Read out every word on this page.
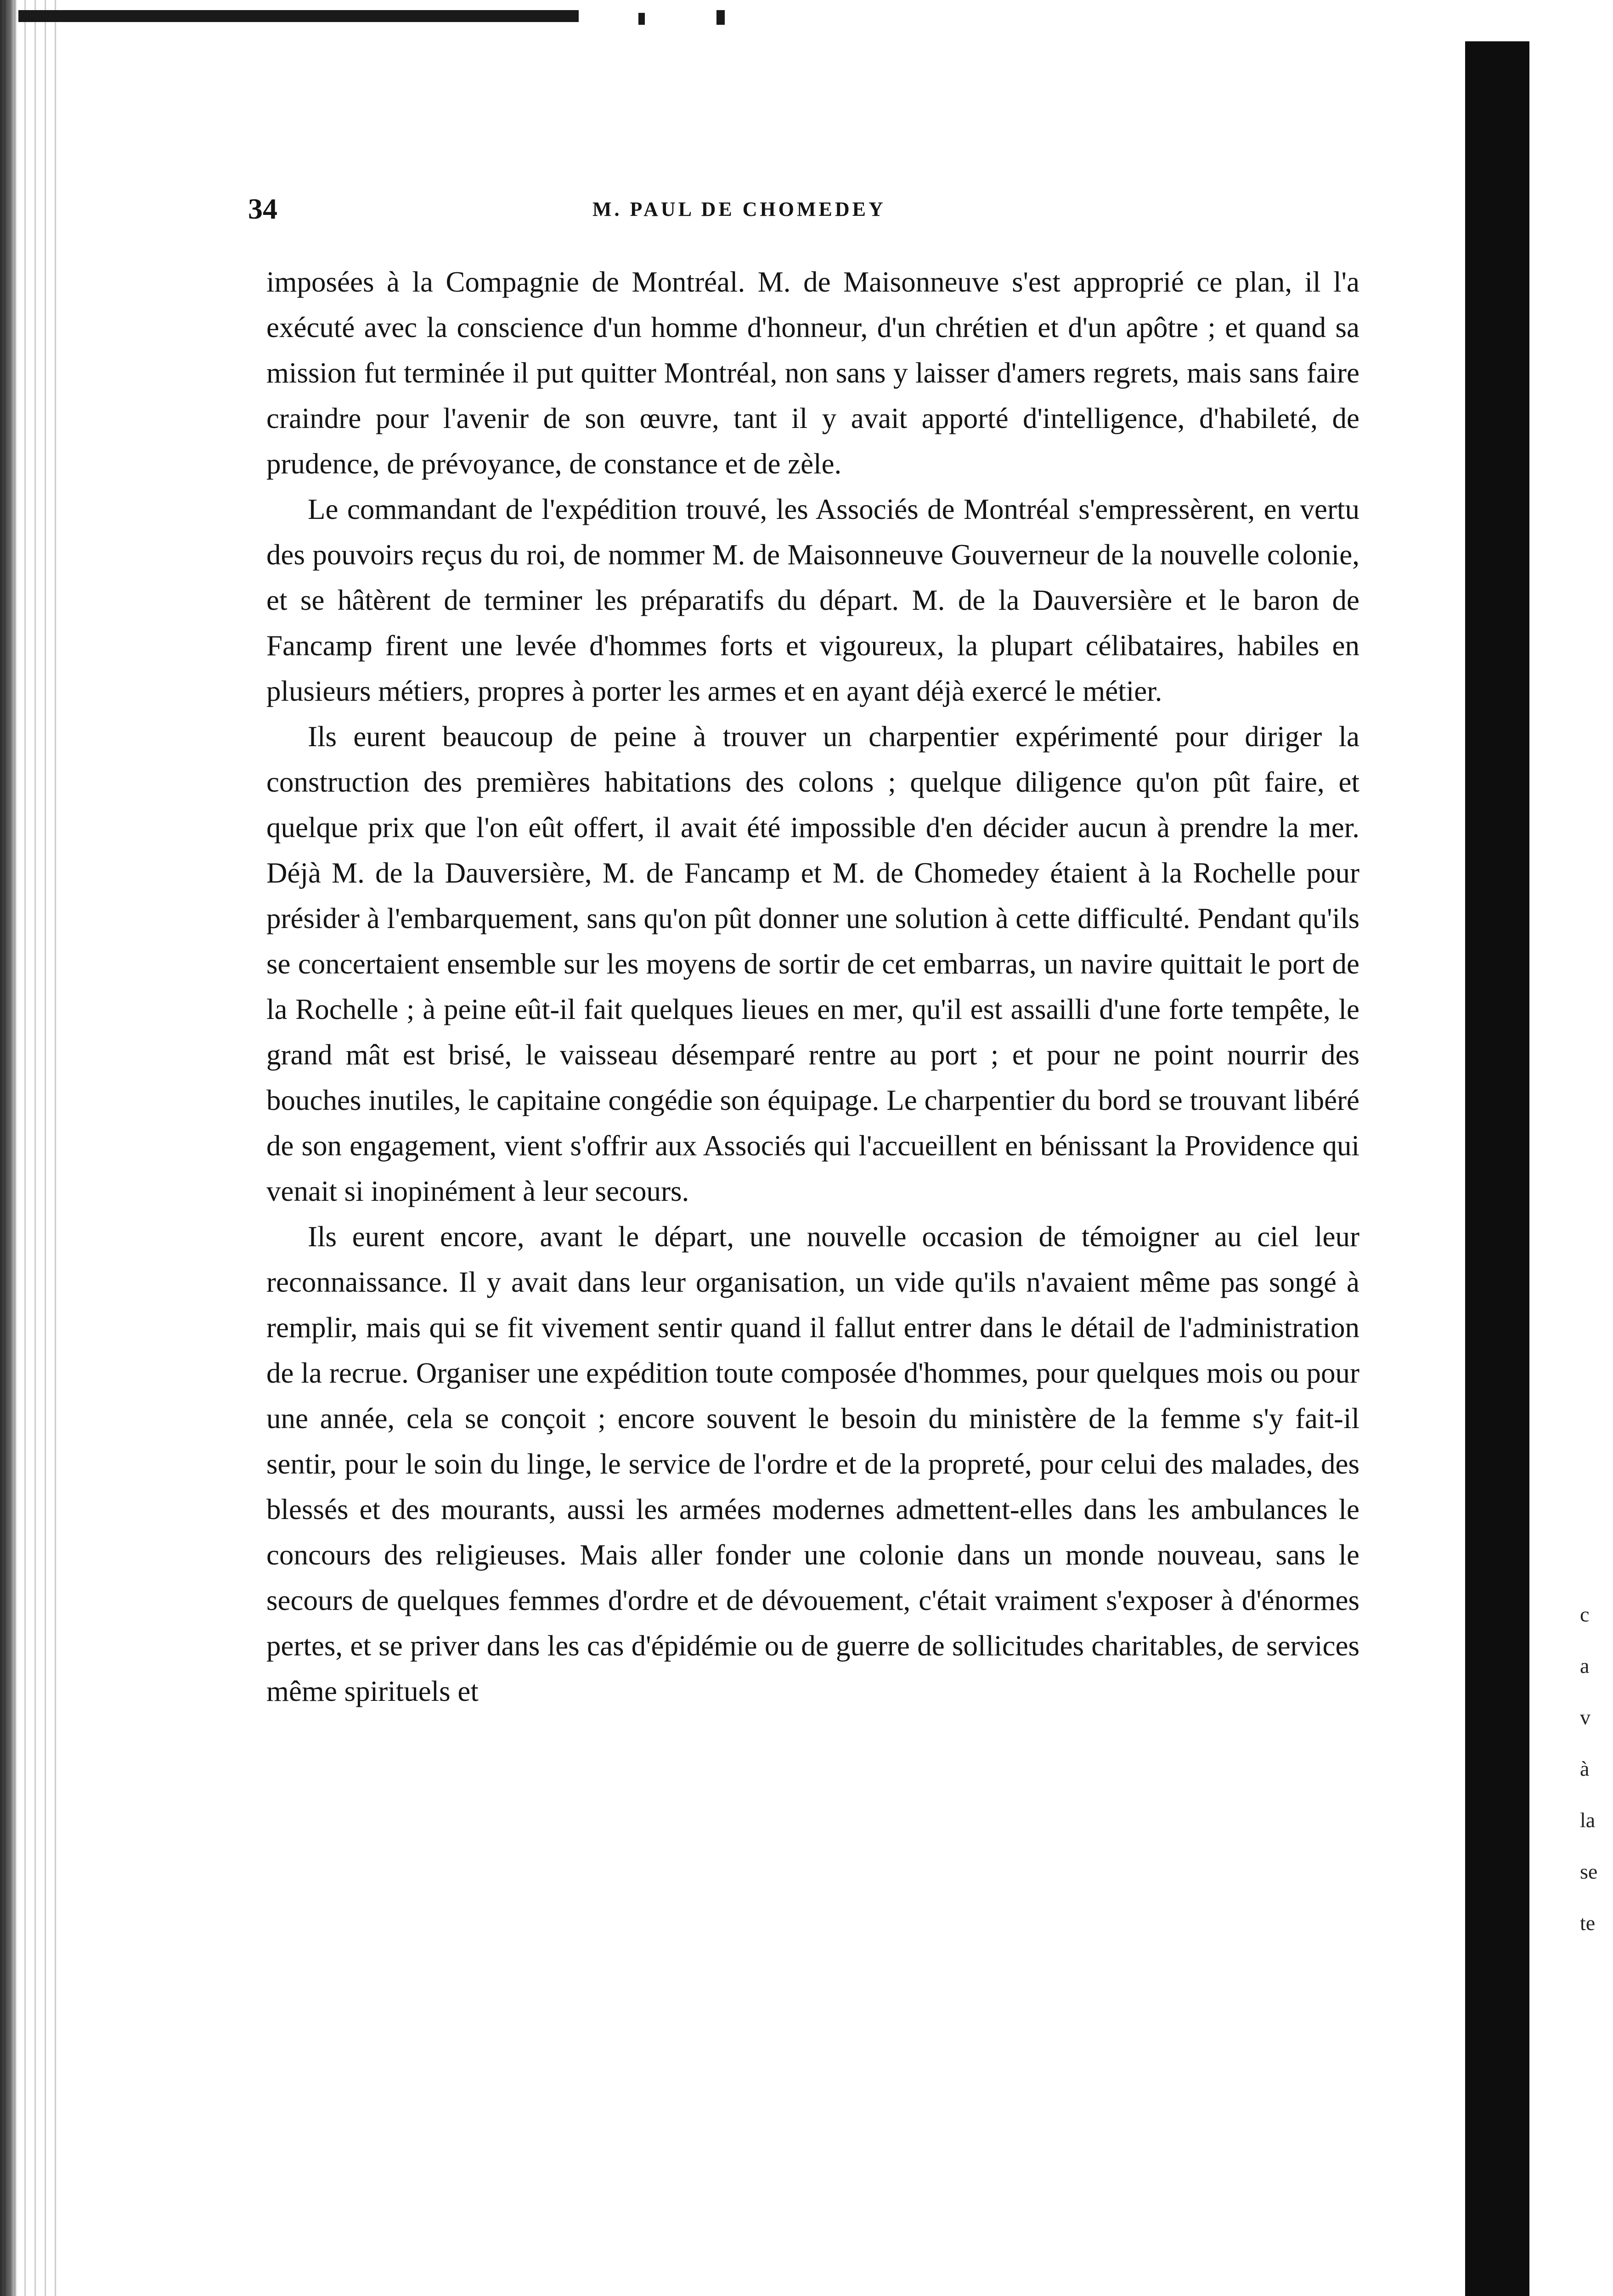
34	M. PAUL DE CHOMEDEY

imposées à la Compagnie de Montréal. M. de Maisonneuve s'est approprié ce plan, il l'a exécuté avec la conscience d'un homme d'honneur, d'un chrétien et d'un apôtre ; et quand sa mission fut terminée il put quitter Montréal, non sans y laisser d'amers regrets, mais sans faire craindre pour l'avenir de son œuvre, tant il y avait apporté d'intelligence, d'habileté, de prudence, de prévoyance, de constance et de zèle.

Le commandant de l'expédition trouvé, les Associés de Montréal s'empressèrent, en vertu des pouvoirs reçus du roi, de nommer M. de Maisonneuve Gouverneur de la nouvelle colonie, et se hâtèrent de terminer les préparatifs du départ. M. de la Dauversière et le baron de Fancamp firent une levée d'hommes forts et vigoureux, la plupart célibataires, habiles en plusieurs métiers, propres à porter les armes et en ayant déjà exercé le métier.

Ils eurent beaucoup de peine à trouver un charpentier expérimenté pour diriger la construction des premières habitations des colons ; quelque diligence qu'on pût faire, et quelque prix que l'on eût offert, il avait été impossible d'en décider aucun à prendre la mer. Déjà M. de la Dauversière, M. de Fancamp et M. de Chomedey étaient à la Rochelle pour présider à l'embarquement, sans qu'on pût donner une solution à cette difficulté. Pendant qu'ils se concertaient ensemble sur les moyens de sortir de cet embarras, un navire quittait le port de la Rochelle ; à peine eût-il fait quelques lieues en mer, qu'il est assailli d'une forte tempête, le grand mât est brisé, le vaisseau désemparé rentre au port ; et pour ne point nourrir des bouches inutiles, le capitaine congédie son équipage. Le charpentier du bord se trouvant libéré de son engagement, vient s'offrir aux Associés qui l'accueillent en bénissant la Providence qui venait si inopinément à leur secours.

Ils eurent encore, avant le départ, une nouvelle occasion de témoigner au ciel leur reconnaissance. Il y avait dans leur organisation, un vide qu'ils n'avaient même pas songé à remplir, mais qui se fit vivement sentir quand il fallut entrer dans le détail de l'administration de la recrue. Organiser une expédition toute composée d'hommes, pour quelques mois ou pour une année, cela se conçoit ; encore souvent le besoin du ministère de la femme s'y fait-il sentir, pour le soin du linge, le service de l'ordre et de la propreté, pour celui des malades, des blessés et des mourants, aussi les armées modernes admettent-elles dans les ambulances le concours des religieuses. Mais aller fonder une colonie dans un monde nouveau, sans le secours de quelques femmes d'ordre et de dévouement, c'était vraiment s'exposer à d'énormes pertes, et se priver dans les cas d'épidémie ou de guerre de sollicitudes charitables, de services même spirituels et

c
a
v
à
la
se
te
